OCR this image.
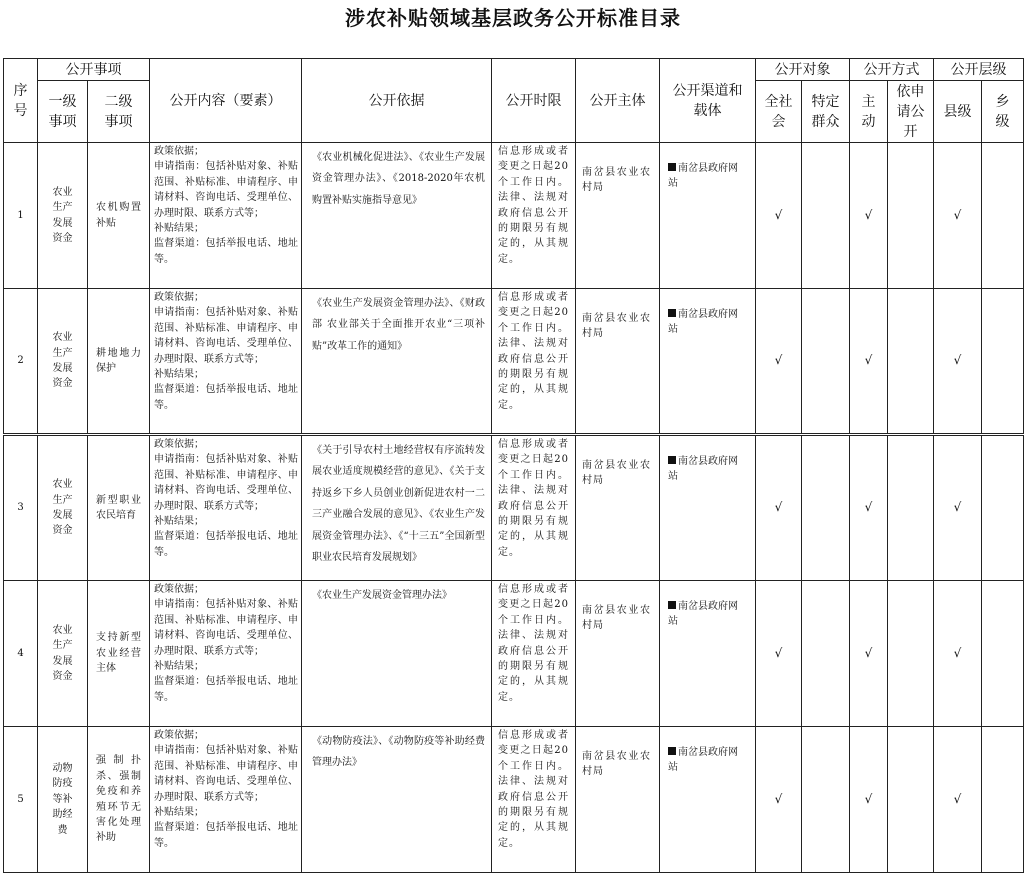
涉农补贴领域基层政务公开标准目录
序号	公开事项		公开内容（要素）	公开依据	公开时限	公开主体	公开渠道和载体	公开对象		公开方式		公开层级	
	一级事项	二级事项						全社会	特定群众	主动	依申请公开	县级	乡级
1	农业生产发展资金	农机购置补贴	政策依据；
申请指南：包括补贴对象、补贴范围、补贴标准、申请程序、申请材料、咨询电话、受理单位、办理时限、联系方式等；
补贴结果；
监督渠道：包括举报电话、地址等。	《农业机械化促进法》、《农业生产发展资金管理办法》、《2018-2020年农机购置补贴实施指导意见》	信息形成或者变更之日起20个工作日内。法律、法规对政府信息公开的期限另有规定的，从其规定。	南岔县农业农村局	南岔县政府网站	√		√		√	
2	农业生产发展资金	耕地地力保护	政策依据；
申请指南：包括补贴对象、补贴范围、补贴标准、申请程序、申请材料、咨询电话、受理单位、办理时限、联系方式等；
补贴结果；
监督渠道：包括举报电话、地址等。	《农业生产发展资金管理办法》、《财政部 农业部关于全面推开农业“三项补贴”改革工作的通知》	信息形成或者变更之日起20个工作日内。法律、法规对政府信息公开的期限另有规定的，从其规定。	南岔县农业农村局	南岔县政府网站	√		√		√	
3	农业生产发展资金	新型职业农民培育	政策依据；
申请指南：包括补贴对象、补贴范围、补贴标准、申请程序、申请材料、咨询电话、受理单位、办理时限、联系方式等；
补贴结果；
监督渠道：包括举报电话、地址等。	《关于引导农村土地经营权有序流转发展农业适度规模经营的意见》、《关于支持返乡下乡人员创业创新促进农村一二三产业融合发展的意见》、《农业生产发展资金管理办法》、《“十三五”全国新型职业农民培育发展规划》	信息形成或者变更之日起20个工作日内。法律、法规对政府信息公开的期限另有规定的，从其规定。	南岔县农业农村局	南岔县政府网站	√		√		√	
4	农业生产发展资金	支持新型农业经营主体	政策依据；
申请指南：包括补贴对象、补贴范围、补贴标准、申请程序、申请材料、咨询电话、受理单位、办理时限、联系方式等；
补贴结果；
监督渠道：包括举报电话、地址等。	《农业生产发展资金管理办法》	信息形成或者变更之日起20个工作日内。法律、法规对政府信息公开的期限另有规定的，从其规定。	南岔县农业农村局	南岔县政府网站	√		√		√	
5	动物防疫等补助经费	强制扑杀、强制免疫和养殖环节无害化处理补助	政策依据；
申请指南：包括补贴对象、补贴范围、补贴标准、申请程序、申请材料、咨询电话、受理单位、办理时限、联系方式等；
补贴结果；
监督渠道：包括举报电话、地址等。	《动物防疫法》、《动物防疫等补助经费管理办法》	信息形成或者变更之日起20个工作日内。法律、法规对政府信息公开的期限另有规定的，从其规定。	南岔县农业农村局	南岔县政府网站	√		√		√	
